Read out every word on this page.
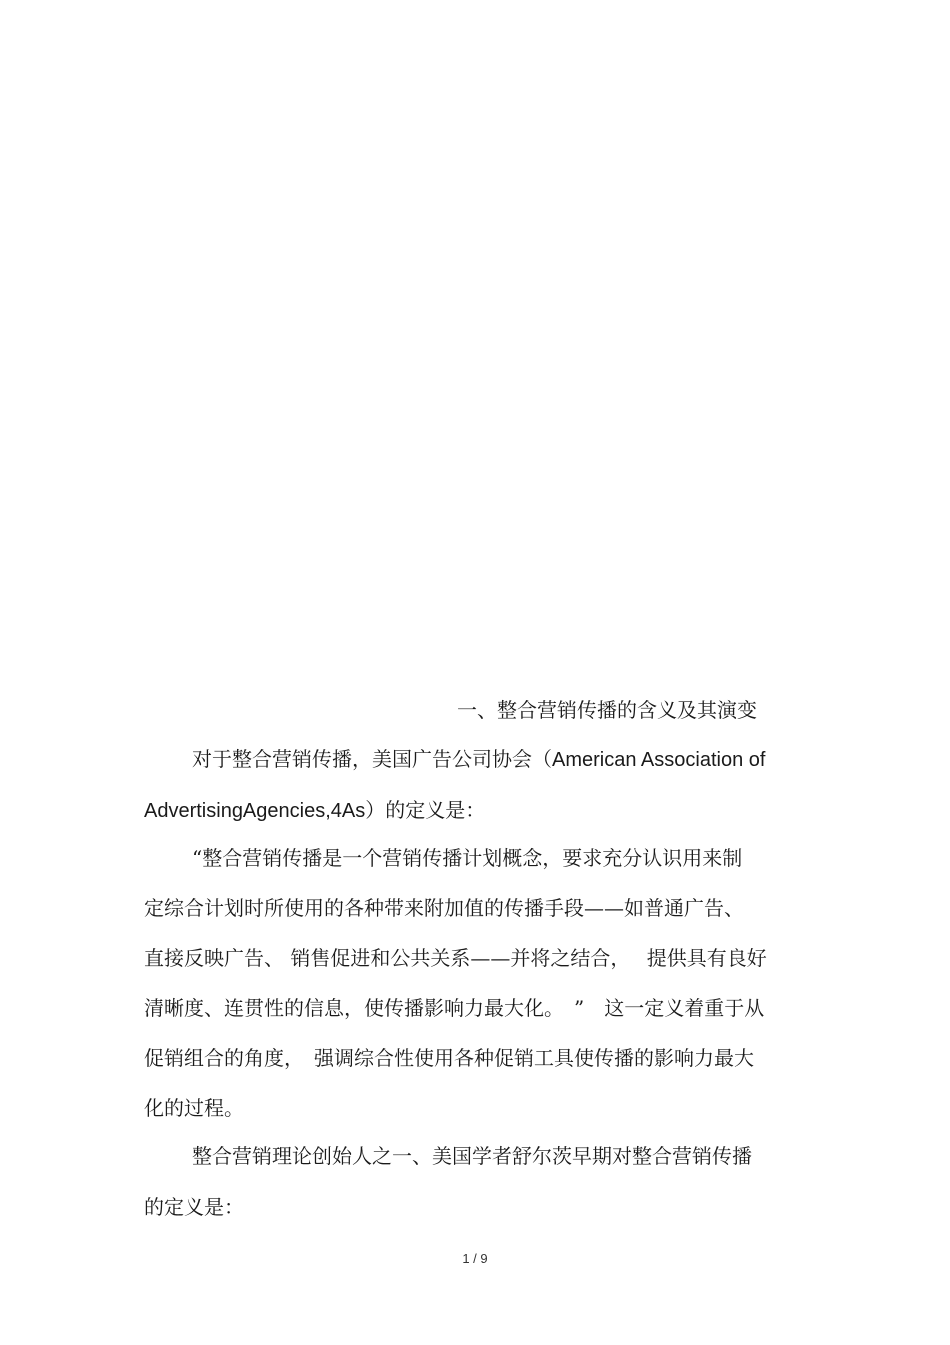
一、整合营销传播的含义及其演变
对于整合营销传播，美国广告公司协会（American Association of
AdvertisingAgencies,4As）的定义是：
“整合营销传播是一个营销传播计划概念，要求充分认识用来制
定综合计划时所使用的各种带来附加值的传播手段——如普通广告、
直接反映广告、 销售促进和公共关系——并将之结合，　 提供具有良好
清晰度、连贯性的信息，使传播影响力最大化。　”　这一定义着重于从
促销组合的角度，　强调综合性使用各种促销工具使传播的影响力最大
化的过程。
整合营销理论创始人之一、美国学者舒尔茨早期对整合营销传播
的定义是：
1 / 9
